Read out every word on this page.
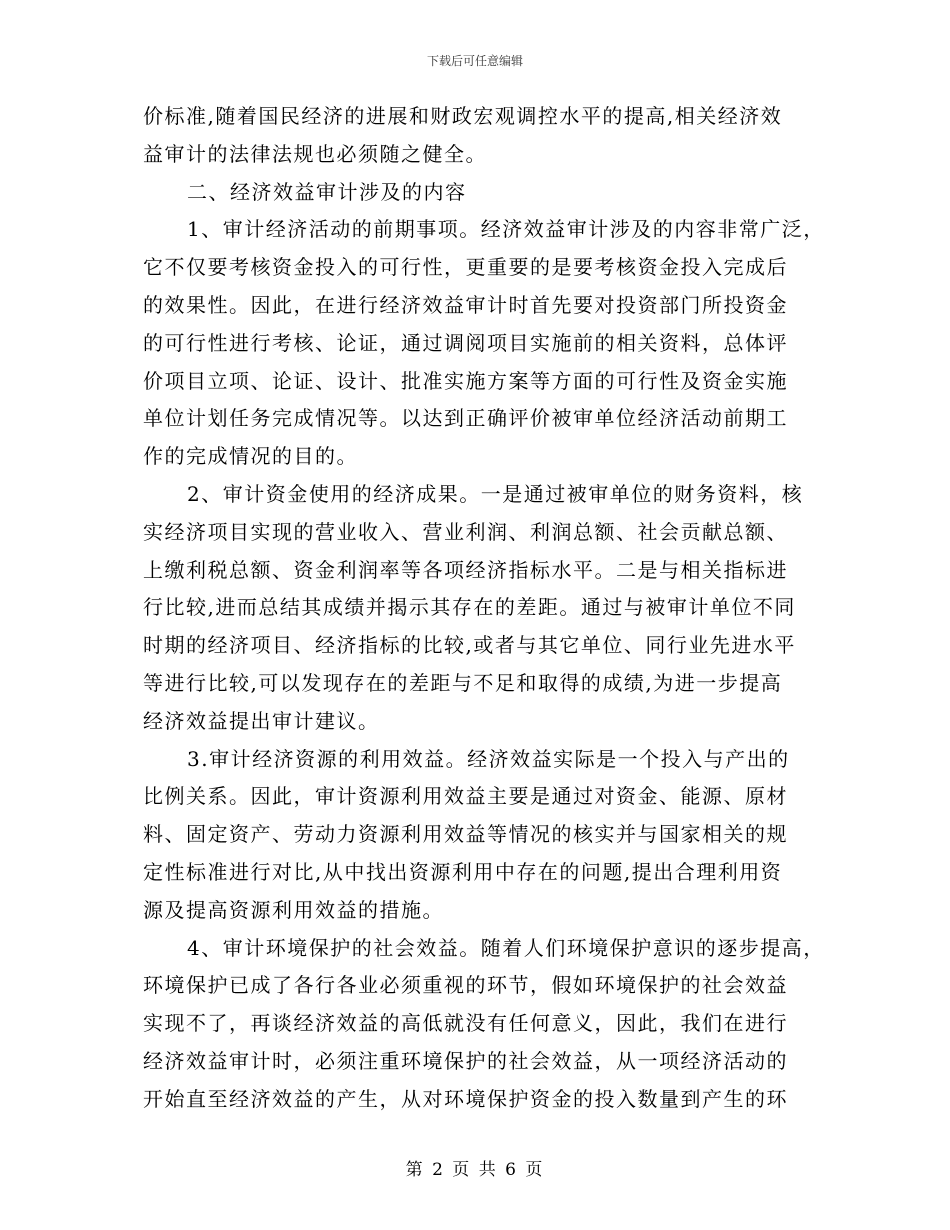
下载后可任意编辑
价标准,随着国民经济的进展和财政宏观调控水平的提高,相关经济效
益审计的法律法规也必须随之健全。
二、经济效益审计涉及的内容
1、审计经济活动的前期事项。经济效益审计涉及的内容非常广泛，
它不仅要考核资金投入的可行性，更重要的是要考核资金投入完成后
的效果性。因此，在进行经济效益审计时首先要对投资部门所投资金
的可行性进行考核、论证，通过调阅项目实施前的相关资料，总体评
价项目立项、论证、设计、批准实施方案等方面的可行性及资金实施
单位计划任务完成情况等。以达到正确评价被审单位经济活动前期工
作的完成情况的目的。
2、审计资金使用的经济成果。一是通过被审单位的财务资料，核
实经济项目实现的营业收入、营业利润、利润总额、社会贡献总额、
上缴利税总额、资金利润率等各项经济指标水平。二是与相关指标进
行比较,进而总结其成绩并揭示其存在的差距。通过与被审计单位不同
时期的经济项目、经济指标的比较,或者与其它单位、同行业先进水平
等进行比较,可以发现存在的差距与不足和取得的成绩,为进一步提高
经济效益提出审计建议。
3.审计经济资源的利用效益。经济效益实际是一个投入与产出的
比例关系。因此，审计资源利用效益主要是通过对资金、能源、原材
料、固定资产、劳动力资源利用效益等情况的核实并与国家相关的规
定性标准进行对比,从中找出资源利用中存在的问题,提出合理利用资
源及提高资源利用效益的措施。
4、审计环境保护的社会效益。随着人们环境保护意识的逐步提高，
环境保护已成了各行各业必须重视的环节，假如环境保护的社会效益
实现不了，再谈经济效益的高低就没有任何意义，因此，我们在进行
经济效益审计时，必须注重环境保护的社会效益，从一项经济活动的
开始直至经济效益的产生，从对环境保护资金的投入数量到产生的环
第 2 页 共 6 页
